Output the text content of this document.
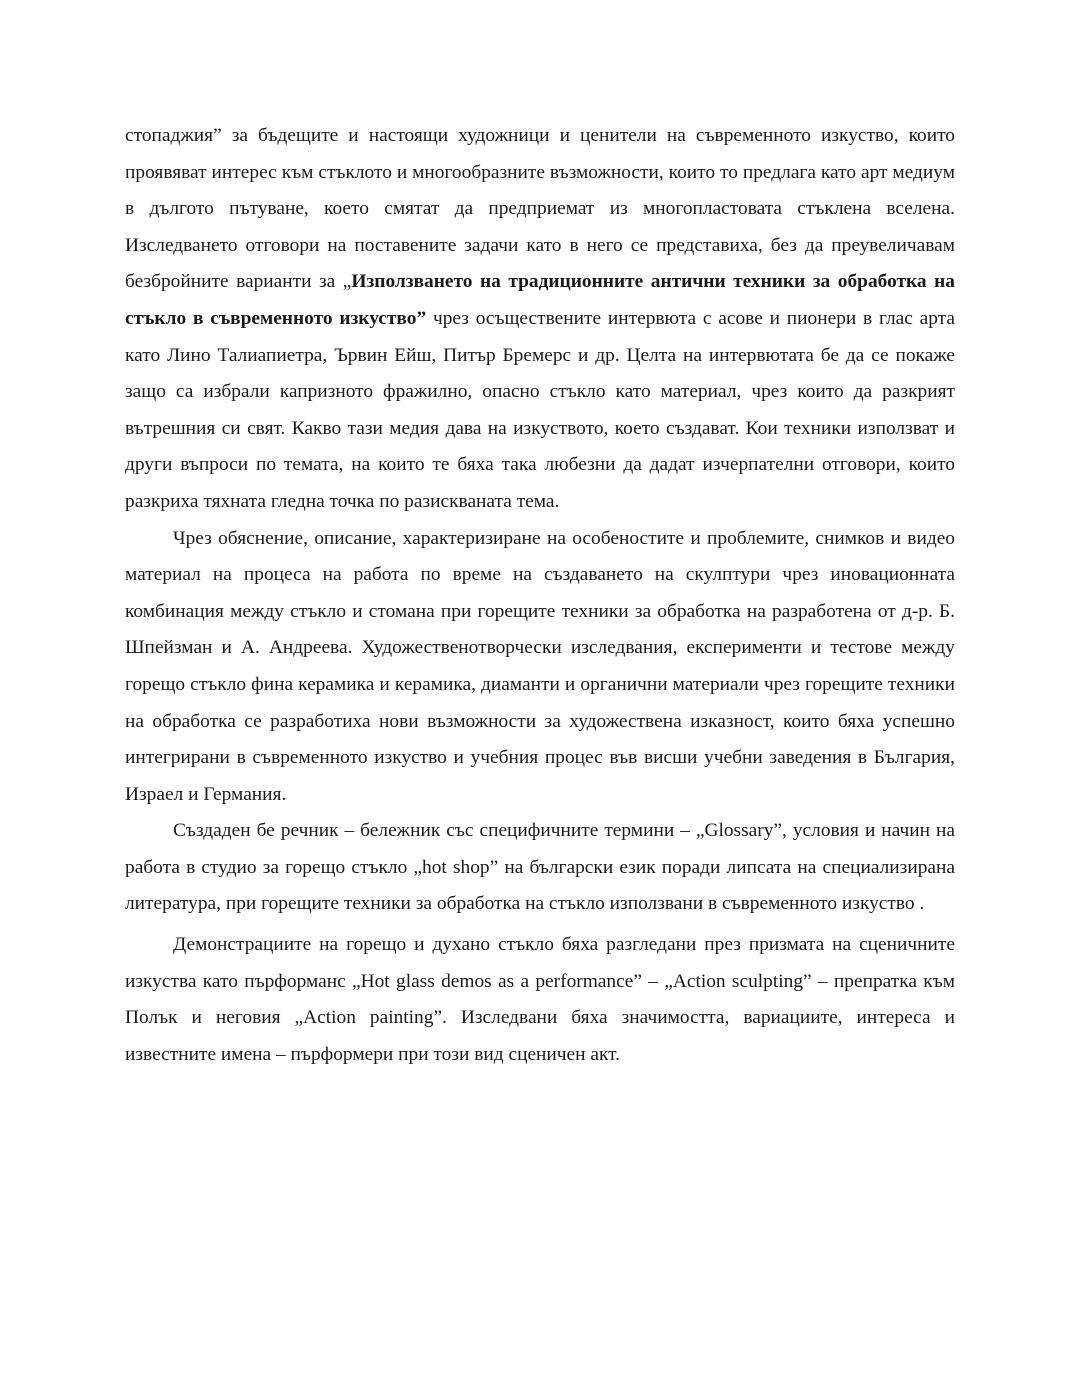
стопаджия” за бъдещите и настоящи художници и ценители на съвременното изкуство, които проявяват интерес към стъклото и многообразните възможности, които то предлага като арт медиум в дългото пътуване, което смятат да предприемат из многопластовата стъклена вселена. Изследването отговори на поставените задачи като в него се представиха, без да преувеличавам безбройните варианти за „Използването на традиционните антични техники за обработка на стъкло в съвременното изкуство” чрез осъществените интервюта с асове и пионери в глас арта като Лино Талиапиетра, Ървин Ейш, Питър Бремерс и др. Целта на интервютата бе да се покаже защо са избрали капризното фражилно, опасно стъкло като материал, чрез които да разкрият вътрешния си свят. Какво тази медия дава на изкуството, което създават. Кои техники използват и други въпроси по темата, на които те бяха така любезни да дадат изчерпателни отговори, които разкриха тяхната гледна точка по разискваната тема.

Чрез обяснение, описание, характеризиране на особеностите и проблемите, снимков и видео материал на процеса на работа по време на създаването на скулптури чрез иновационната комбинация между стъкло и стомана при горещите техники за обработка на разработена от д-р. Б. Шпейзман и А. Андреева. Художественотворчески изследвания, експерименти и тестове между горещо стъкло фина керамика и керамика, диаманти и органични материали чрез горещите техники на обработка се разработиха нови възможности за художествена изказност, които бяха успешно интегрирани в съвременното изкуство и учебния процес във висши учебни заведения в България, Израел и Германия.

Създаден бе речник – бележник със специфичните термини – „Glossary”, условия и начин на работа в студио за горещо стъкло „hot shop” на български език поради липсата на специализирана литература, при горещите техники за обработка на стъкло използвани в съвременното изкуство .

Демонстрациите на горещо и духано стъкло бяха разгледани през призмата на сценичните изкуства като пърформанс „Hot glass demos as a performance” – „Action sculpting” – препратка към Полък и неговия „Action painting”. Изследвани бяха значимостта, вариациите, интереса и известните имена – пърформери при този вид сценичен акт.
